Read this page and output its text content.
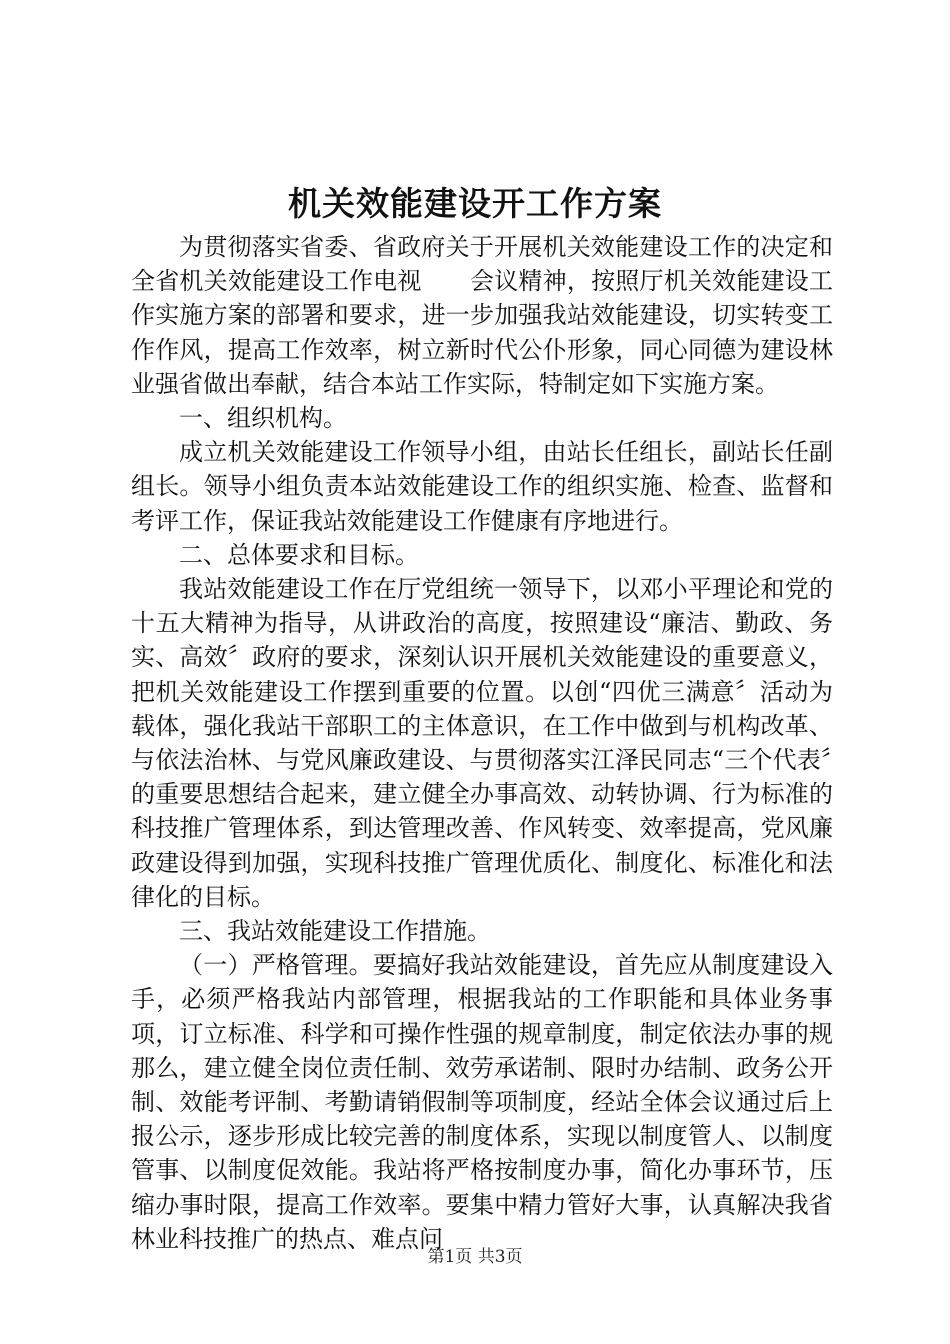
机关效能建设开工作方案

为贯彻落实省委、省政府关于开展机关效能建设工作的决定和全省机关效能建设工作电视　　会议精神，按照厅机关效能建设工作实施方案的部署和要求，进一步加强我站效能建设，切实转变工作作风，提高工作效率，树立新时代公仆形象，同心同德为建设林业强省做出奉献，结合本站工作实际，特制定如下实施方案。

一、组织机构。

成立机关效能建设工作领导小组，由站长任组长，副站长任副组长。领导小组负责本站效能建设工作的组织实施、检查、监督和考评工作，保证我站效能建设工作健康有序地进行。

二、总体要求和目标。

我站效能建设工作在厅党组统一领导下，以邓小平理论和党的十五大精神为指导，从讲政治的高度，按照建设“廉洁、勤政、务实、高效〞政府的要求，深刻认识开展机关效能建设的重要意义，把机关效能建设工作摆到重要的位置。以创“四优三满意〞活动为载体，强化我站干部职工的主体意识，在工作中做到与机构改革、与依法治林、与党风廉政建设、与贯彻落实江泽民同志“三个代表〞的重要思想结合起来，建立健全办事高效、动转协调、行为标准的科技推广管理体系，到达管理改善、作风转变、效率提高，党风廉政建设得到加强，实现科技推广管理优质化、制度化、标准化和法律化的目标。

三、我站效能建设工作措施。

（一）严格管理。要搞好我站效能建设，首先应从制度建设入手，必须严格我站内部管理，根据我站的工作职能和具体业务事项，订立标准、科学和可操作性强的规章制度，制定依法办事的规那么，建立健全岗位责任制、效劳承诺制、限时办结制、政务公开制、效能考评制、考勤请销假制等项制度，经站全体会议通过后上报公示，逐步形成比较完善的制度体系，实现以制度管人、以制度管事、以制度促效能。我站将严格按制度办事，简化办事环节，压缩办事时限，提高工作效率。要集中精力管好大事，认真解决我省林业科技推广的热点、难点问

第1页 共3页
